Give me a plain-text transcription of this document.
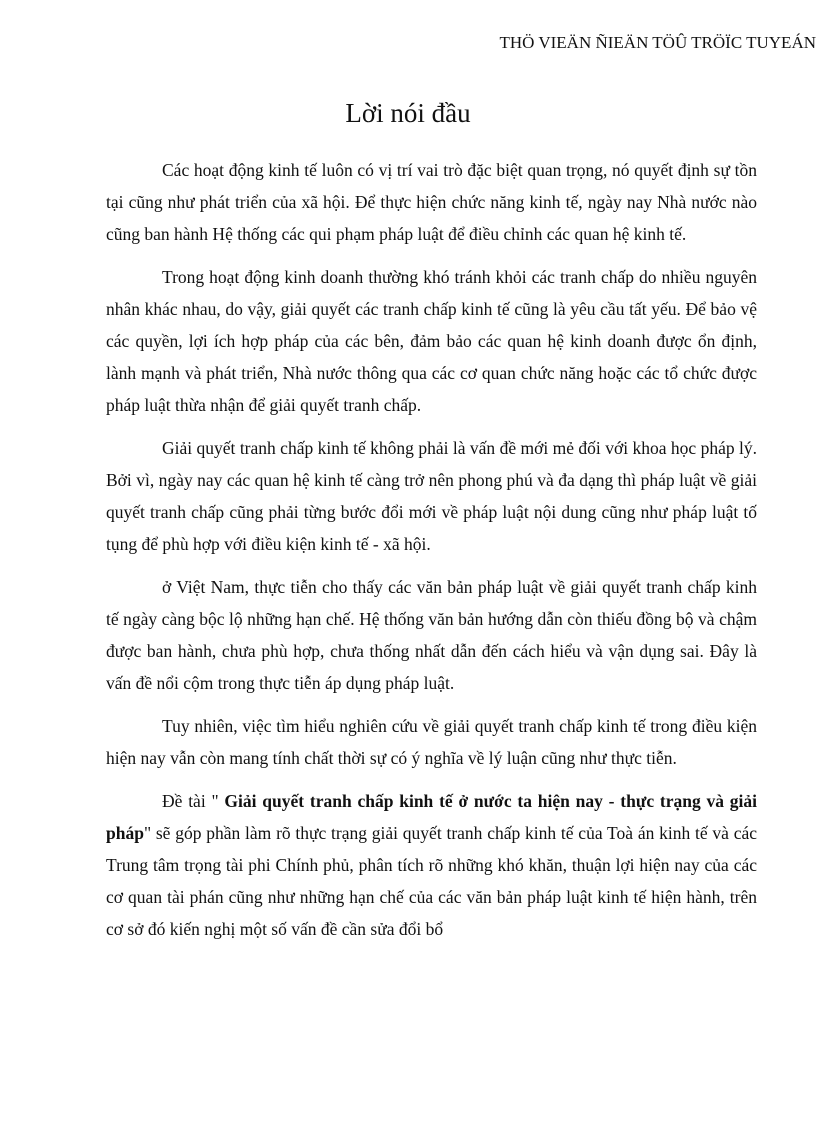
THÖ VIEÄN ÑIEÄN TÖÛ TRÖÏC TUYEÁN
Lời nói đầu

Các hoạt động kinh tế luôn có vị trí vai trò đặc biệt quan trọng, nó quyết định sự tồn tại cũng như phát triển của xã hội. Để thực hiện chức năng kinh tế, ngày nay Nhà nước nào cũng ban hành Hệ thống các qui phạm pháp luật để điều chỉnh các quan hệ kinh tế.

Trong hoạt động kinh doanh thường khó tránh khỏi các tranh chấp do nhiều nguyên nhân khác nhau, do vậy, giải quyết các tranh chấp kinh tế cũng là yêu cầu tất yếu. Để bảo vệ các quyền, lợi ích hợp pháp của các bên, đảm bảo các quan hệ kinh doanh được ổn định, lành mạnh và phát triển, Nhà nước thông qua các cơ quan chức năng hoặc các tổ chức được pháp luật thừa nhận để giải quyết tranh chấp.

Giải quyết tranh chấp kinh tế không phải là vấn đề mới mẻ đối với khoa học pháp lý. Bởi vì, ngày nay các quan hệ kinh tế càng trở nên phong phú và đa dạng thì pháp luật về giải quyết tranh chấp cũng phải từng bước đổi mới về pháp luật nội dung cũng như pháp luật tố tụng để phù hợp với điều kiện kinh tế - xã hội.

ở Việt Nam, thực tiễn cho thấy các văn bản pháp luật về giải quyết tranh chấp kinh tế ngày càng bộc lộ những hạn chế. Hệ thống văn bản hướng dẫn còn thiếu đồng bộ và chậm được ban hành, chưa phù hợp, chưa thống nhất dẫn đến cách hiểu và vận dụng sai. Đây là vấn đề nổi cộm trong thực tiễn áp dụng pháp luật.

Tuy nhiên, việc tìm hiểu nghiên cứu về giải quyết tranh chấp kinh tế trong điều kiện hiện nay vẫn còn mang tính chất thời sự có ý nghĩa về lý luận cũng như thực tiễn.

Đề tài " Giải quyết tranh chấp kinh tế ở nước ta hiện nay - thực trạng và giải pháp" sẽ góp phần làm rõ thực trạng giải quyết tranh chấp kinh tế của Toà án kinh tế và các Trung tâm trọng tài phi Chính phủ, phân tích rõ những khó khăn, thuận lợi hiện nay của các cơ quan tài phán cũng như những hạn chế của các văn bản pháp luật kinh tế hiện hành, trên cơ sở đó kiến nghị một số vấn đề cần sửa đổi bổ
